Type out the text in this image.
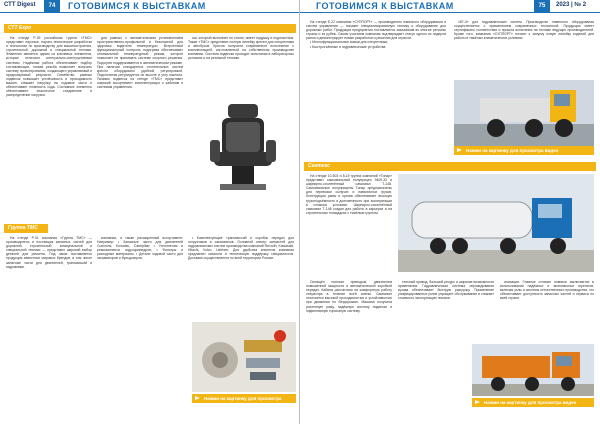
СТТ Digest	74	ГОТОВИМСЯ К ВЫСТАВКАМ
СТТ Expo

На стенде Р-39 российская группа «ТМС» представит научные, научно-технические разработки и технологии по производству для машиностроения, строительной, дорожной и специальной техники. Фланелин является одним из ключевых элементов, которые отличают интегрально-конструктивные системы. Надёжная работа обеспечивает подбор составляющих, тонкая резьба позволяет получить систему проектирования, создающего управляемый и предсказуемый результат. Семейство рамных подвесок повышает устойчивость и проходимость машин, снижает нагрузку на ходовые части и обеспечивает плавность хода. Составные элементы обеспечивают эластичное соединение и распределение нагрузки.

для рамных с автоматическим установлением пространственно-профильной и безопасной для здоровья водителя температуры. Встроенный функциональный контроль подогрева обеспечивает оптимальный температурный режим, которое позволяет не принимать системе спорного решения. Подогрев поддерживается в автоматическом режиме. При наличии стандартных отопительных систем кресло оборудовано удобной регулировкой. Подголовник регулируется по высоте и углу наклона. Помимо подвесок на стенде «ТМС» представит широкий ассортимент комплектующих к кабинам и системам управления.

ши, который выполнен по стилю, имеет подушку и подлокотник. Также «ТМС» представит полную линейку кресел для спецтехники и автобусов. Кресла получили современное исполнение с комплектацией, изготовленной на собственном производстве компании. Система подвески проходит испытания в лабораторных условиях и на реальной технике.

Группа ТМС

На стенде Р-01 компания «Группа ТМС» — производитель и поставщик запасных частей для дорожной, строительной, коммунальной и специальной техники — представит широкий выбор деталей для ремонта. Под заказ поставляется продукция известных мировых брендов, в том числе запасные части для двигателей, трансмиссий и гидравлики.

компании, а также расширенный ассортимент. Например: • Запасные части для двигателей Cummins, Komatsu, Caterpillar; • Уплотнения и ремкомплекты гидроцилиндров; • Фильтры и расходные материалы; • Детали ходовой части для экскаваторов и бульдозеров.

• Комплектующие трансмиссий и коробок передач для погрузчиков и самосвалов. Основной спектр запчастей для гидравлических систем производства компаний Rexroth, Kawasaki, Hitachi, Volvo, Liebherr. Для удобства клиентов компания предлагает каталоги и техническую поддержку специалистов. Доставка осуществляется по всей территории России.

Нажми на картинку для просмотра видео
ГОТОВИМСЯ К ВЫСТАВКАМ	75	2023 | № 2

На стенде Е-22 компания «СУППОРТ» — производитель навесного оборудования и систем управления — покажет специализированную технику и оборудование для дорожных работ. Продукция предприятия поставляется заказчикам во многие регионы страны и за рубеж. Своим участием компания подтверждает статус одного из лидеров рынка и демонстрирует новые разработки и решения для отрасли.

• Многофункциональные ковши для спецтехники;

• Быстросъёмные и гидравлические устройства.

187-3» для гидравлических систем. Производство навесного оборудования осуществляется с применением современных технологий. Продукция имеет сертификаты соответствия и прошла испытания на технике ведущих производителей. Кроме того, компания «СУППОРТ» готовит к запуску новую линейку изделий для работы в тяжёлых климатических условиях.

Нажми на картинку для просмотра видео
Сентекс

На стенде 10-503 и 8-19 группа компаний «Тонар» представит самосвальный полуприцеп 9409-33 и шарнирно-сочленённый самосвал Т-148. Самосвальные полуприцепы Тонар предназначены для перевозки сыпучих и навалочных грузов. Конструкция рамы и кузова обеспечивает высокую грузоподъёмность и долговечность при эксплуатации в сложных условиях. Шарнирно-сочленённый самосвал Т-148 создан для работы в карьерах и на строительных площадках с тяжёлым грунтом.

Оснащён полным приводом, двигателем повышенной мощности и автоматической коробкой передач. Кабина рассчитана на комфортную работу оператора в течение всей смены. Самосвал отличается высокой проходимостью и устойчивостью при движении по бездорожью. Машина получила усиленную раму, надёжную систему подвески и эффективную тормозную систему.

тельный привод, большой ресурс и широкие возможности применения. Гидравлическая система опрокидывания кузова обеспечивает быструю разгрузку. Применение унифицированных узлов упрощает обслуживание и снижает стоимость эксплуатации техники.

ализации. Главное отличие новинки заключается в использовании надёжных и экономичных агрегатов, включая узлы и системы отечественного производства, что обеспечивает доступность запасных частей и сервиса по всей стране.

Нажми на картинку для просмотра видео
